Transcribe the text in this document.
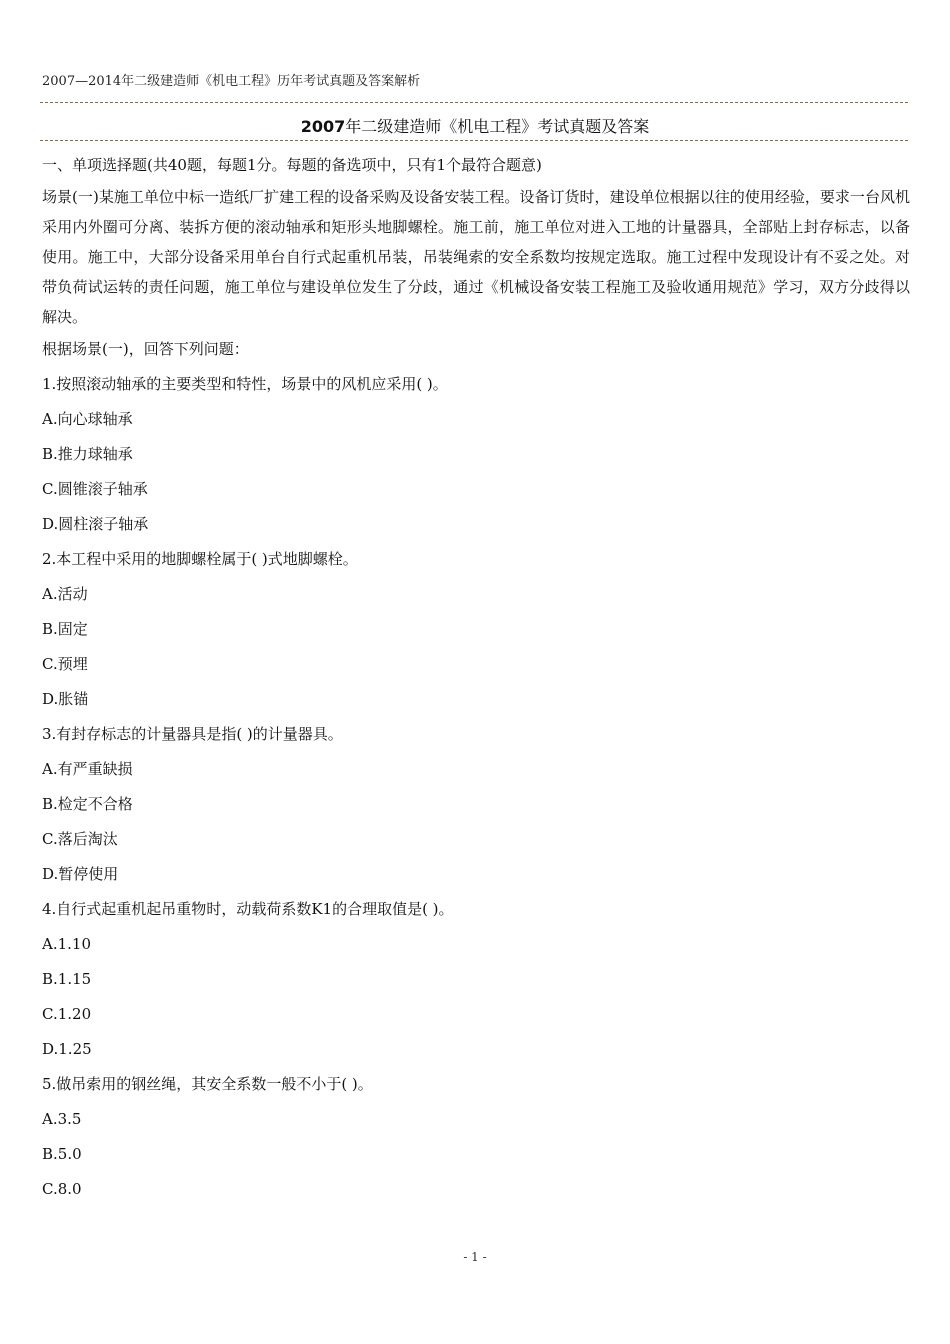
2007—2014年二级建造师《机电工程》历年考试真题及答案解析
2007年二级建造师《机电工程》考试真题及答案
一、单项选择题(共40题，每题1分。每题的备选项中，只有1个最符合题意)
场景(一)某施工单位中标一造纸厂扩建工程的设备采购及设备安装工程。设备订货时，建设单位根据以往的使用经验，要求一台风机采用内外圈可分离、装拆方便的滚动轴承和矩形头地脚螺栓。施工前，施工单位对进入工地的计量器具，全部贴上封存标志，以备使用。施工中，大部分设备采用单台自行式起重机吊装，吊装绳索的安全系数均按规定选取。施工过程中发现设计有不妥之处。对带负荷试运转的责任问题，施工单位与建设单位发生了分歧，通过《机械设备安装工程施工及验收通用规范》学习，双方分歧得以解决。
根据场景(一)，回答下列问题：
1.按照滚动轴承的主要类型和特性，场景中的风机应采用( )。
A.向心球轴承
B.推力球轴承
C.圆锥滚子轴承
D.圆柱滚子轴承
2.本工程中采用的地脚螺栓属于( )式地脚螺栓。
A.活动
B.固定
C.预埋
D.胀锚
3.有封存标志的计量器具是指( )的计量器具。
A.有严重缺损
B.检定不合格
C.落后淘汰
D.暂停使用
4.自行式起重机起吊重物时，动载荷系数K1的合理取值是( )。
A.1.10
B.1.15
C.1.20
D.1.25
5.做吊索用的钢丝绳，其安全系数一般不小于( )。
A.3.5
B.5.0
C.8.0
- 1 -
